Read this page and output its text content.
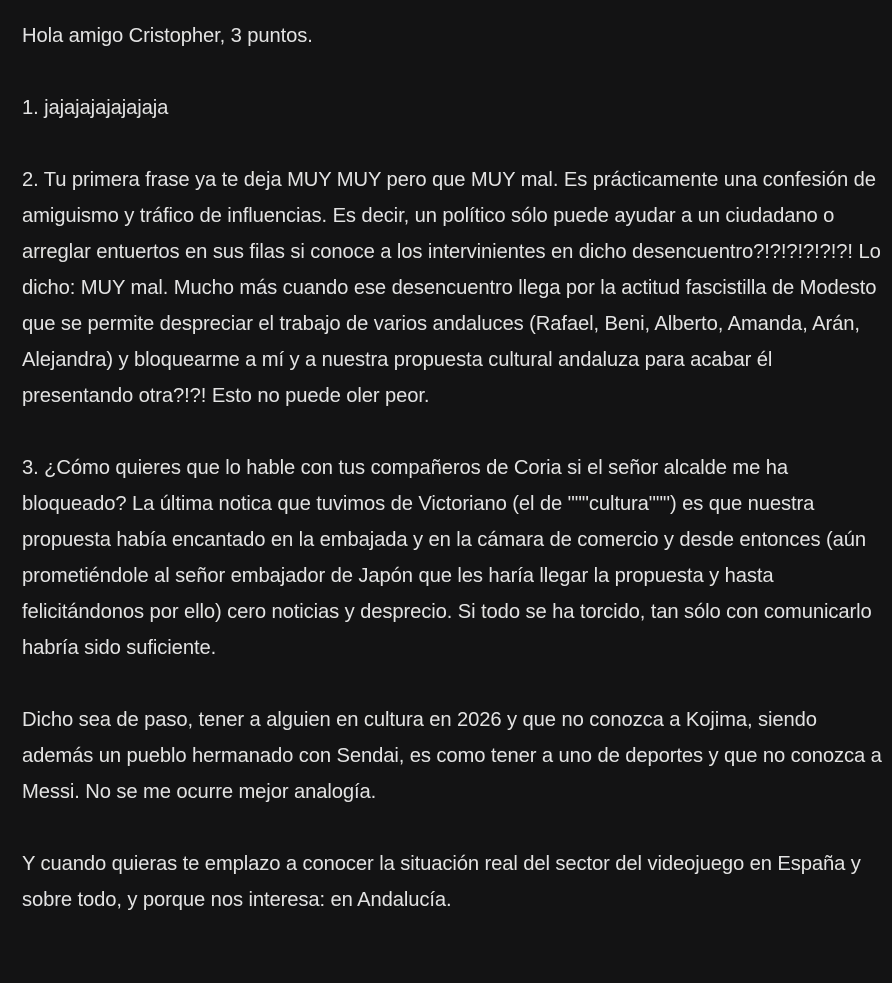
Hola amigo Cristopher, 3 puntos.

1. jajajajajajajaja

2. Tu primera frase ya te deja MUY MUY pero que MUY mal. Es prácticamente una confesión de amiguismo y tráfico de influencias. Es decir, un político sólo puede ayudar a un ciudadano o arreglar entuertos en sus filas si conoce a los intervinientes en dicho desencuentro?!?!?!?!?!?! Lo dicho: MUY mal. Mucho más cuando ese desencuentro llega por la actitud fascistilla de Modesto que se permite despreciar el trabajo de varios andaluces (Rafael, Beni, Alberto, Amanda, Arán, Alejandra) y bloquearme a mí y a nuestra propuesta cultural andaluza para acabar él presentando otra?!?! Esto no puede oler peor.

3. ¿Cómo quieres que lo hable con tus compañeros de Coria si el señor alcalde me ha bloqueado? La última notica que tuvimos de Victoriano (el de """cultura""") es que nuestra propuesta había encantado en la embajada y en la cámara de comercio y desde entonces (aún prometiéndole al señor embajador de Japón que les haría llegar la propuesta y hasta felicitándonos por ello) cero noticias y desprecio. Si todo se ha torcido, tan sólo con comunicarlo habría sido suficiente.

Dicho sea de paso, tener a alguien en cultura en 2026 y que no conozca a Kojima, siendo además un pueblo hermanado con Sendai, es como tener a uno de deportes y que no conozca a Messi. No se me ocurre mejor analogía.

Y cuando quieras te emplazo a conocer la situación real del sector del videojuego en España y sobre todo, y porque nos interesa: en Andalucía.
